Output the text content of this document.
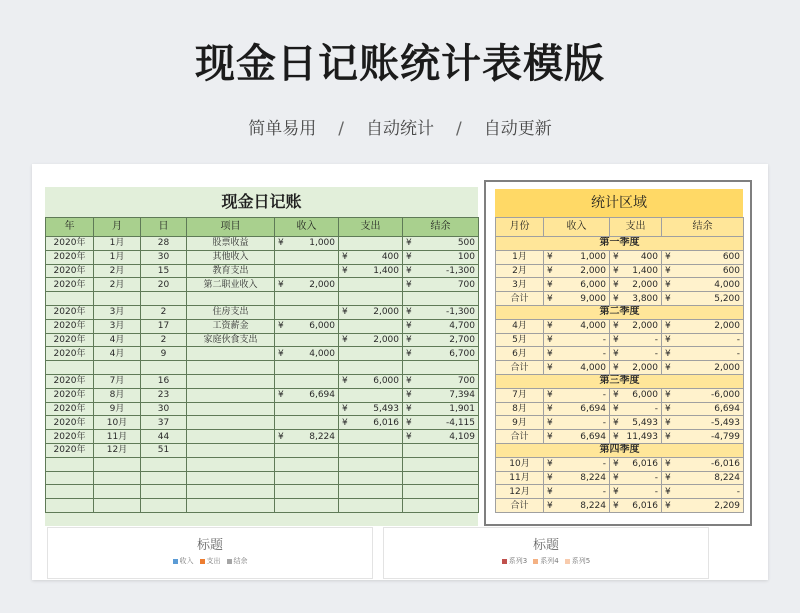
现金日记账统计表模版
简单易用 / 自动统计 / 自动更新
现金日记账
年	月	日	项目	收入	支出	结余
2020年	1月	28	股票收益	¥ 1,000		¥ 500

2020年	1月	30	其他收入		¥ 400	¥ 100

2020年	2月	15	教育支出		¥ 1,400	¥ -1,300

2020年	2月	20	第二职业收入	¥ 2,000		¥ 700

2020年	3月	2	住房支出		¥ 2,000	¥ -1,300

2020年	3月	17	工资薪金	¥ 6,000		¥ 4,700

2020年	4月	2	家庭伙食支出		¥ 2,000	¥ 2,700

2020年	4月	9		¥ 4,000		¥ 6,700

2020年	7月	16			¥ 6,000	¥ 700

2020年	8月	23		¥ 6,694		¥ 7,394

2020年	9月	30			¥ 5,493	¥ 1,901

2020年	10月	37			¥ 6,016	¥ -4,115

2020年	11月	44		¥ 8,224		¥ 4,109

2020年	12月	51				

统计区域
月份	收入	支出	结余
第一季度			
1月	¥ 1,000	¥ 400	¥ 600

2月	¥ 2,000	¥ 1,400	¥ 600

3月	¥ 6,000	¥ 2,000	¥ 4,000

合计	¥ 9,000	¥ 3,800	¥ 5,200

第二季度			
4月	¥ 4,000	¥ 2,000	¥ 2,000

5月	¥ -	¥ -	¥ -

6月	¥ -	¥ -	¥ -

合计	¥ 4,000	¥ 2,000	¥ 2,000

第三季度			
7月	¥ -	¥ 6,000	¥ -6,000

8月	¥ 6,694	¥ -	¥ 6,694

9月	¥ -	¥ 5,493	¥ -5,493

合计	¥ 6,694	¥ 11,493	¥ -4,799

第四季度			
10月	¥ -	¥ 6,016	¥ -6,016

11月	¥ 8,224	¥ -	¥ 8,224

12月	¥ -	¥ -	¥ -

合计	¥ 8,224	¥ 6,016	¥ 2,209
标题
收入	支出	结余
标题
系列3	系列4	系列5
